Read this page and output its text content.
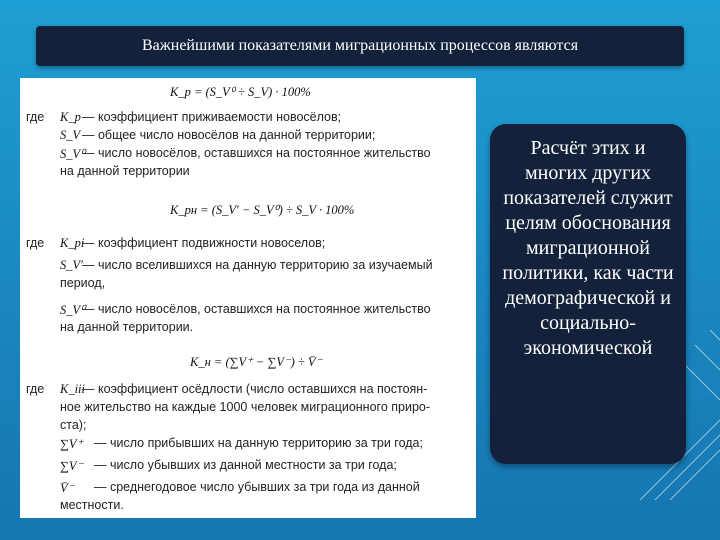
Важнейшими показателями миграционных процессов являются
K_p = (S_V⁰ ÷ S_V) · 100%
где K_p — коэффициент приживаемости новосёлов;
S_V — общее число новосёлов на данной территории;
S_V⁰
— число новосёлов, оставшихся на постоянное жительство
на данной территории
K_pн = (S_V′ − S_V⁰) ÷ S_V · 100%
где K_pi
— коэффициент подвижности новоселов;
S_V′ — число вселившихся на данную территорию за изучаемый
период,
S_V⁰
— число новосёлов, оставшихся на постоянное жительство
на данной территории.
K_н = (∑V⁺ − ∑V⁻) ÷ V̄⁻
где K_iii
— коэффициент осёдлости (число оставшихся на постоян-
ное жительство на каждые 1000 человек миграционного приро-
ста);
∑V⁺ — число прибывших на данную территорию за три года;
∑V⁻ — число убывших из данной местности за три года;
V̄⁻ — среднегодовое число убывших за три года из данной
местности.
Расчёт этих и многих других показателей служит целям обоснования миграционной политики, как части демографической и социально-экономической
